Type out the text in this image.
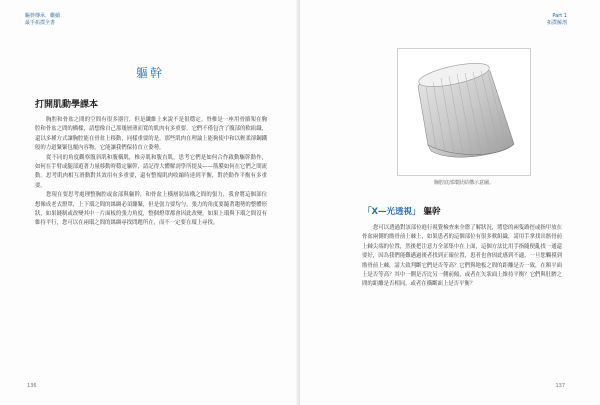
驅幹傳承．繼續
最手拓撲全書
軀幹
打開肌動學課本

胸腔和骨盆之間的空間有很多器官，但是纖維上來說不是很穩定。脊椎是一座用骨骼架在胸腔和骨盆之間的橋樑，請想像自己那幾層薄而寬的肌肉有多重要，它們不僅包含了腹部的軟組織，還以多種方式讓胸腔能在骨盆上移動，同樣重要的是，那些肌肉在理論上能夠使中和以輕柔卻鋼鐵般的力道緊緊包覆內容物，它能讓我們保持直立姿勢。

從不同的角度觀察腹斜肌和腹橫肌，椎旁肌和腹直肌，思考它們是如何合作啟動驅幹動作，如何在手臂或腿部遊著力量移動時穩定軀幹，請記得大體解剖學所提及——筋膜如何在它們之間流動。思考肌肉相互滑動對其效用有多重要，還有整塊肌肉收縮時達到平衡，對於動作平衡有多重要。

您現在要思考處理整胸腔或盆部與軀幹，和骨盆上橫層狀結構之間的張力，我會將這個部位想像成老式燈罩，上下環之間的絲綢必須繃緊，但是張力要均勻，張力的角度要隨著趨勢的整體形狀，如果縫制或改變其中一片面板的張力角度，整個燈罩都會因此改變。如果上環與下環之間沒有維持平行，您可以在兩環之間的絲綢尋找問題所在，而不一定要在環上尋找。

136
Part 1
拓撲解剖
胸腔底部環狀結構示意圖。
「X—光透視」 軀幹

您可以透過對該部位進行視覺檢查來全盤了解狀況，將您的兩隻路徑或指甲放在骨盆兩側的髂骨前上棘上，如果患者的這個部位有很多軟組織，請用手掌找出髂骨前上棘尖端的位置，然後把注意力全部集中在上面，這個方法比用手指隨便亂找一通還要好，因為我們能難邁過後者找到正確位置，患者也會因此感到不適，一旦您觸摸到髂骨前上棘，請大致判斷它們是否等高？它們與地板之間的距離是否一致，在額平面上是否等高？其中一側是否比另一側前傾，或者在矢狀面上維持平衡？它們與肚臍之間的距離是否相同，或者在橫斷面上是否平衡？

137
